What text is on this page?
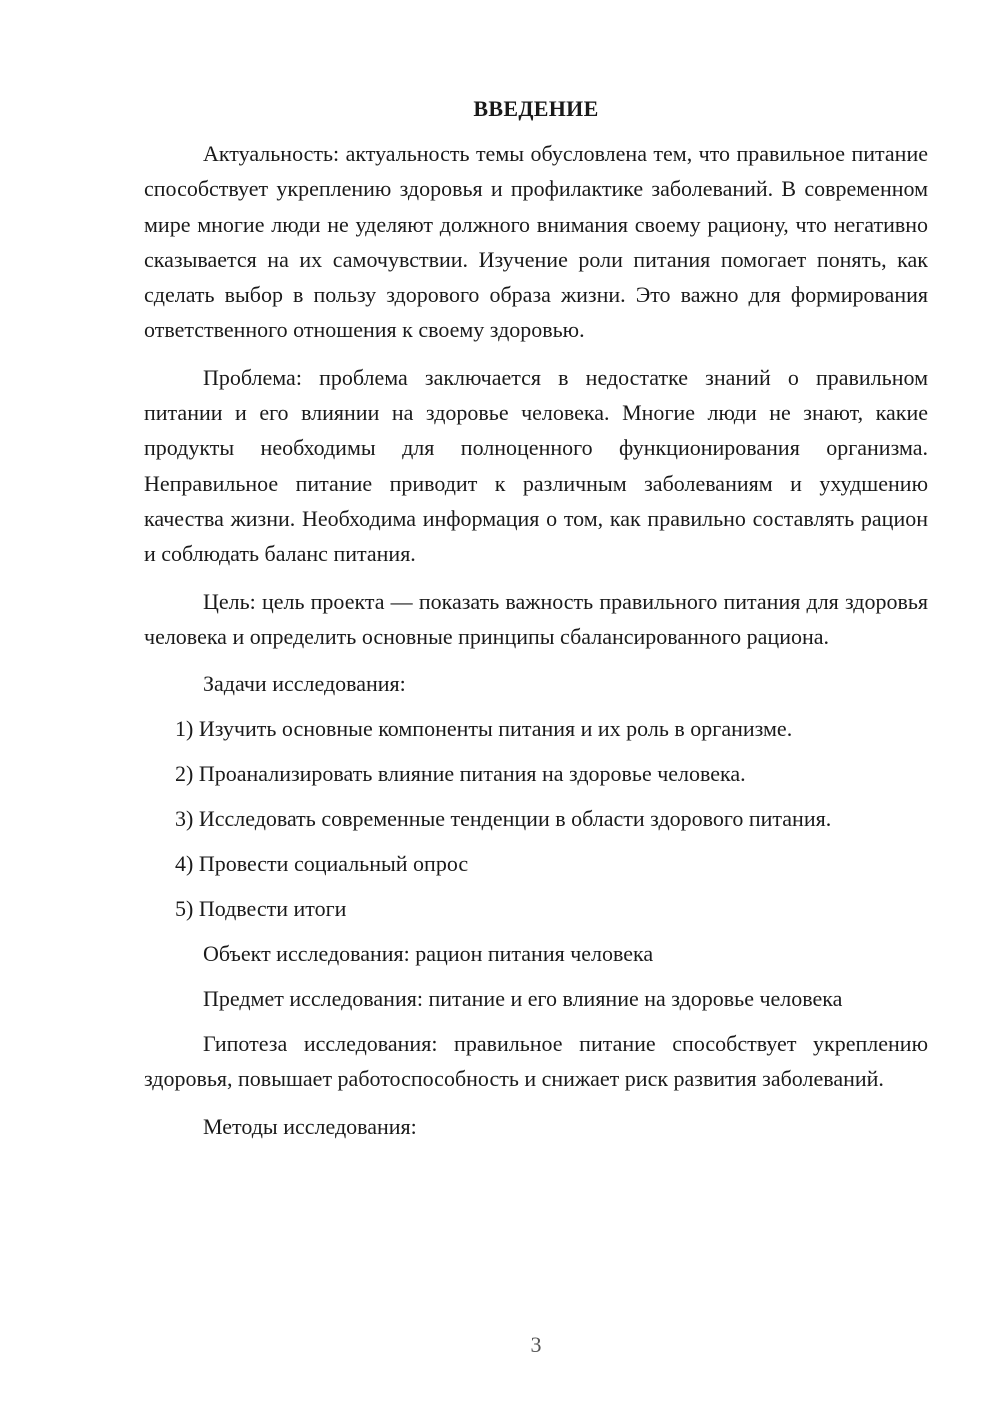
ВВЕДЕНИЕ

Актуальность: актуальность темы обусловлена тем, что правильное питание способствует укреплению здоровья и профилактике заболеваний. В современном мире многие люди не уделяют должного внимания своему рациону, что негативно сказывается на их самочувствии. Изучение роли питания помогает понять, как сделать выбор в пользу здорового образа жизни. Это важно для формирования ответственного отношения к своему здоровью.

Проблема: проблема заключается в недостатке знаний о правильном питании и его влиянии на здоровье человека. Многие люди не знают, какие продукты необходимы для полноценного функционирования организма. Неправильное питание приводит к различным заболеваниям и ухудшению качества жизни. Необходима информация о том, как правильно составлять рацион и соблюдать баланс питания.

Цель: цель проекта — показать важность правильного питания для здоровья человека и определить основные принципы сбалансированного рациона.

Задачи исследования:

1) Изучить основные компоненты питания и их роль в организме.

2) Проанализировать влияние питания на здоровье человека.

3) Исследовать современные тенденции в области здорового питания.

4) Провести социальный опрос

5) Подвести итоги

Объект исследования: рацион питания человека

Предмет исследования: питание и его влияние на здоровье человека

Гипотеза исследования: правильное питание способствует укреплению здоровья, повышает работоспособность и снижает риск развития заболеваний.

Методы исследования:

3
